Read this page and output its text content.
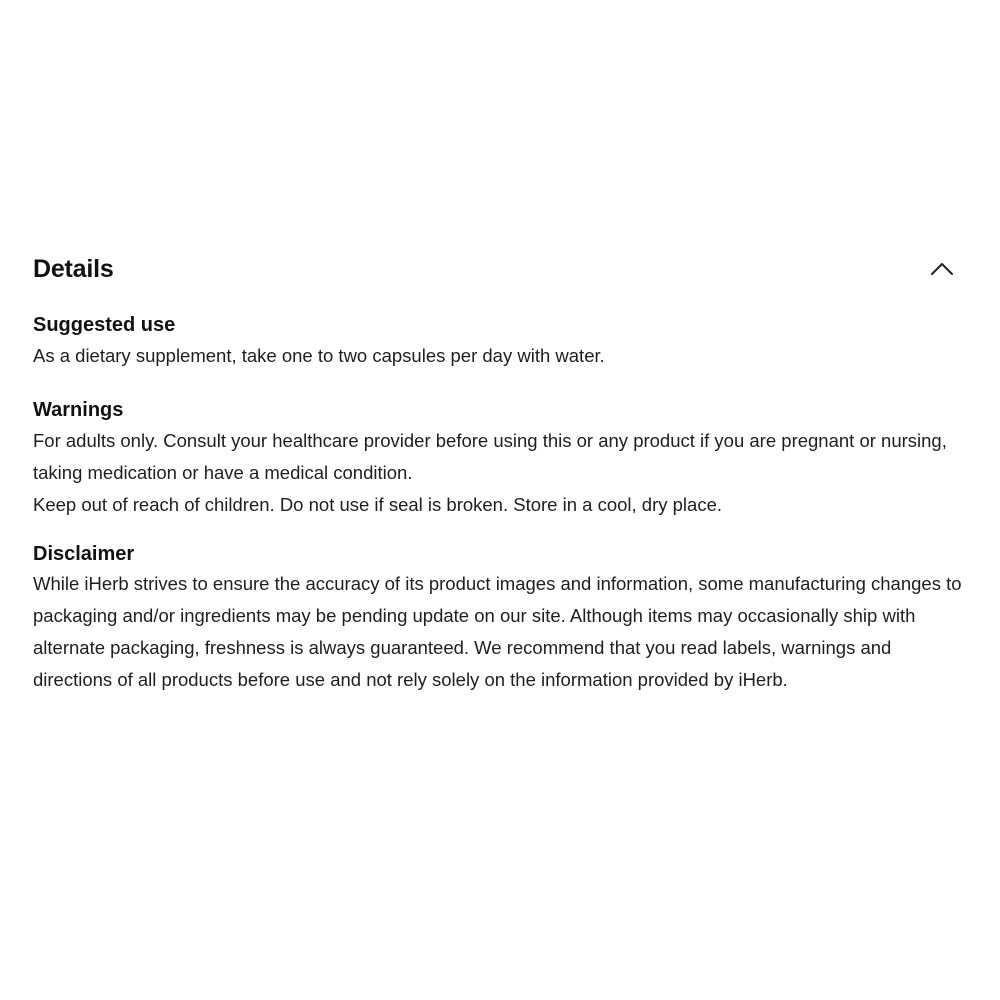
Details
Suggested use

As a dietary supplement, take one to two capsules per day with water.

Warnings

For adults only. Consult your healthcare provider before using this or any product if you are pregnant or nursing, taking medication or have a medical condition.

Keep out of reach of children. Do not use if seal is broken. Store in a cool, dry place.

Disclaimer

While iHerb strives to ensure the accuracy of its product images and information, some manufacturing changes to packaging and/or ingredients may be pending update on our site. Although items may occasionally ship with alternate packaging, freshness is always guaranteed. We recommend that you read labels, warnings and directions of all products before use and not rely solely on the information provided by iHerb.
